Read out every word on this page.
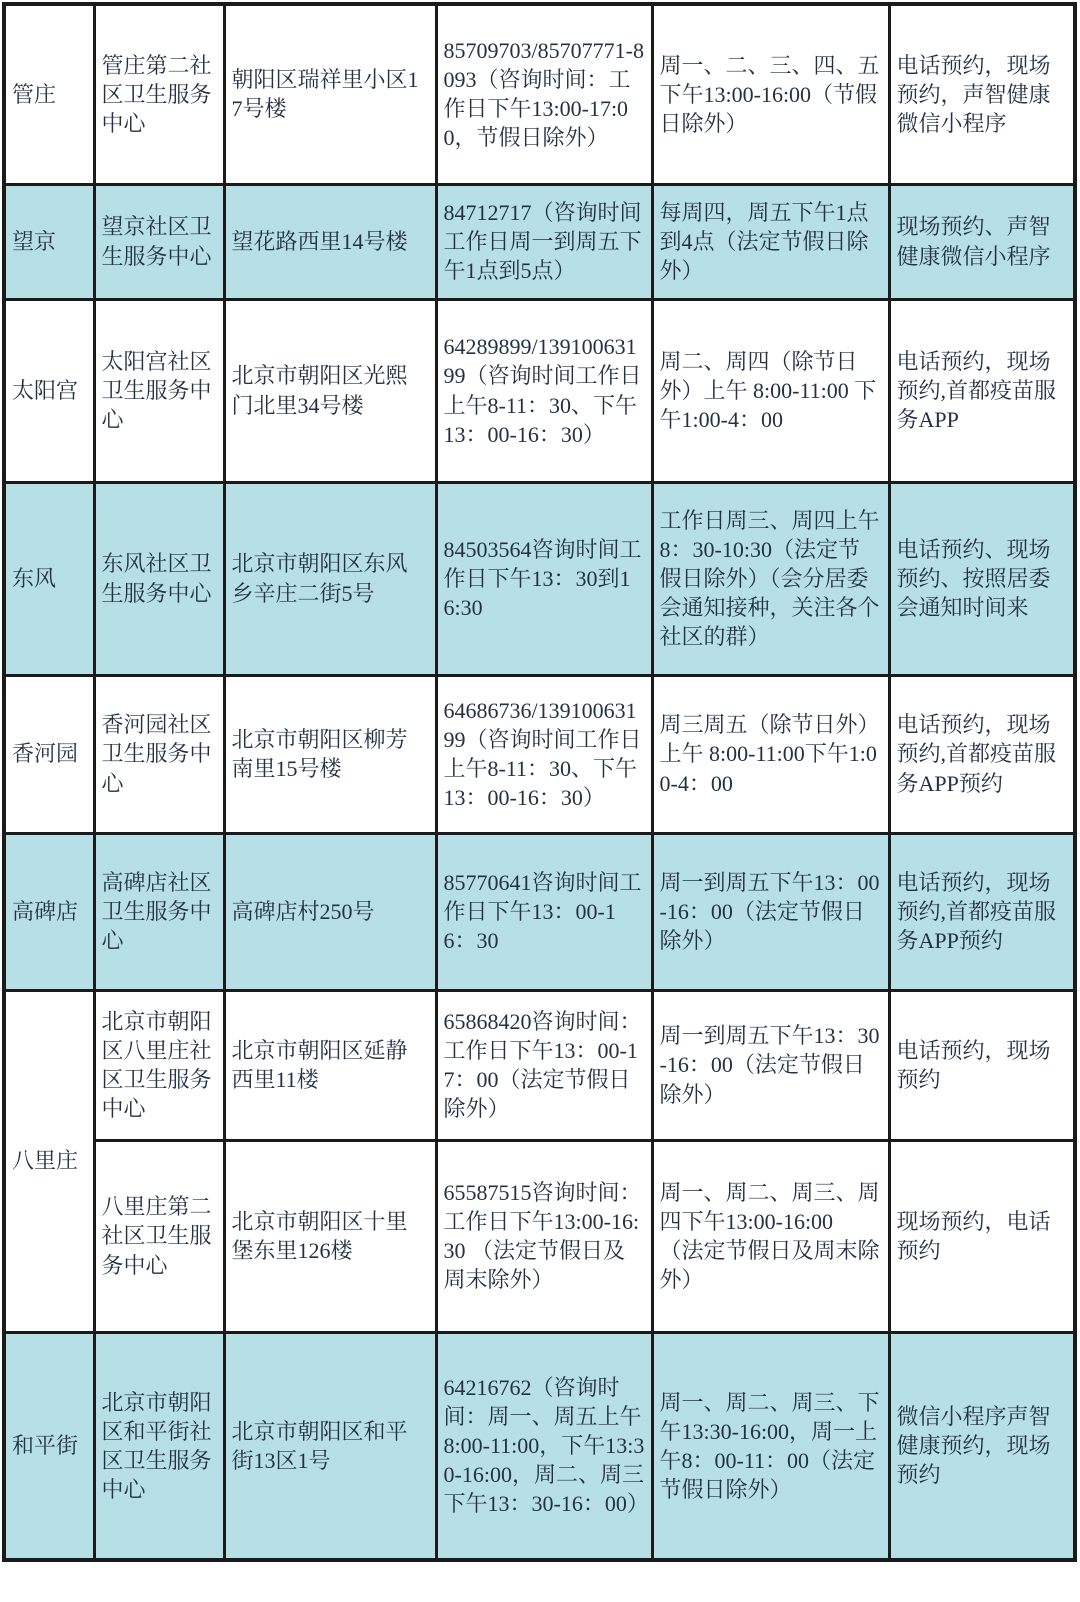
管庄	管庄第二社区卫生服务中心	朝阳区瑞祥里小区17号楼	85709703/85707771-8093（咨询时间：工作日下午13:00-17:00，节假日除外）	周一、二、三、四、五下午13:00-16:00（节假日除外）	电话预约，现场预约，声智健康微信小程序
望京	望京社区卫生服务中心	望花路西里14号楼	84712717（咨询时间工作日周一到周五下午1点到5点）	每周四，周五下午1点到4点（法定节假日除外）	现场预约、声智健康微信小程序
太阳宫	太阳宫社区卫生服务中心	北京市朝阳区光熙门北里34号楼	64289899/13910063199（咨询时间工作日上午8-11：30、下午13：00-16：30）	周二、周四（除节日外）上午 8:00-11:00 下午1:00-4：00	电话预约，现场预约,首都疫苗服务APP
东风	东风社区卫生服务中心	北京市朝阳区东风乡辛庄二街5号	84503564咨询时间工作日下午13：30到16:30	工作日周三、周四上午8：30-10:30（法定节假日除外）（会分居委会通知接种，关注各个社区的群）	电话预约、现场预约、按照居委会通知时间来
香河园	香河园社区卫生服务中心	北京市朝阳区柳芳南里15号楼	64686736/13910063199（咨询时间工作日上午8-11：30、下午13：00-16：30）	周三周五（除节日外）上午 8:00-11:00下午1:00-4：00	电话预约，现场预约,首都疫苗服务APP预约
高碑店	高碑店社区卫生服务中心	高碑店村250号	85770641咨询时间工作日下午13：00-16：30	周一到周五下午13：00-16：00（法定节假日除外）	电话预约，现场预约,首都疫苗服务APP预约
八里庄	北京市朝阳区八里庄社区卫生服务中心	北京市朝阳区延静西里11楼	65868420咨询时间：工作日下午13：00-17：00（法定节假日除外）	周一到周五下午13：30-16：00（法定节假日除外）	电话预约，现场预约
	八里庄第二社区卫生服务中心	北京市朝阳区十里堡东里126楼	65587515咨询时间：工作日下午13:00-16:30 （法定节假日及周末除外）	周一、周二、周三、周四下午13:00-16:00 （法定节假日及周末除外）	现场预约，电话预约
和平街	北京市朝阳区和平街社区卫生服务中心	北京市朝阳区和平街13区1号	64216762（咨询时间：周一、周五上午8:00-11:00，下午13:30-16:00，周二、周三下午13：30-16：00）	周一、周二、周三、下午13:30-16:00，周一上午8：00-11：00（法定节假日除外）	微信小程序声智健康预约，现场预约
